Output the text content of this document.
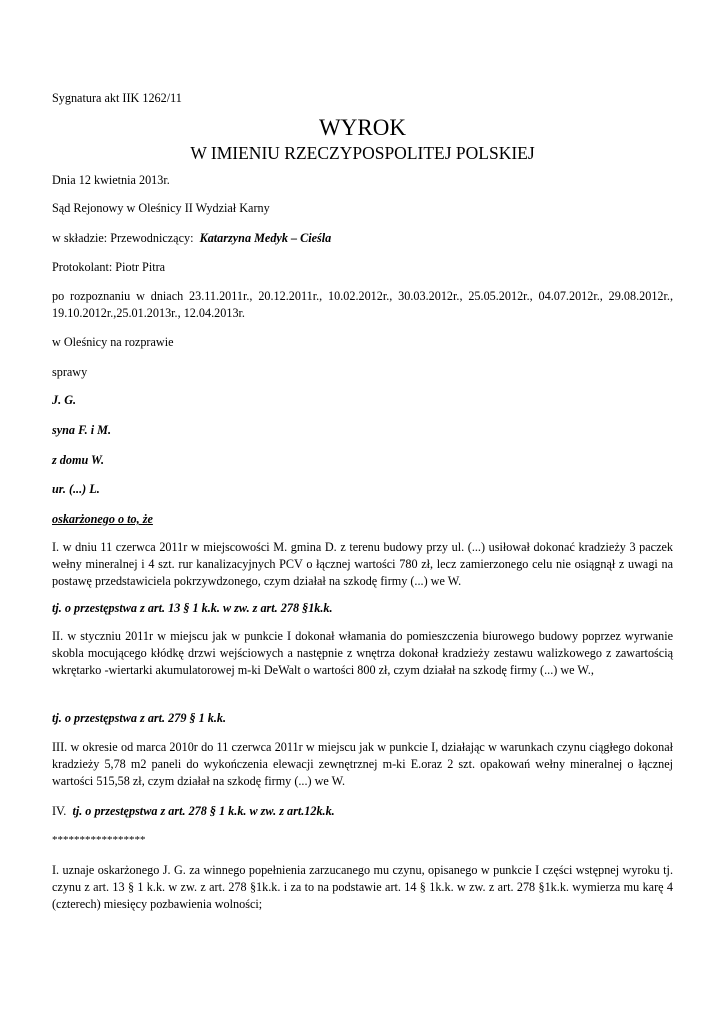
Sygnatura akt IIK 1262/11

WYROK

W IMIENIU RZECZYPOSPOLITEJ POLSKIEJ

Dnia 12 kwietnia 2013r.

Sąd Rejonowy w Oleśnicy II Wydział Karny

w składzie: Przewodniczący: Katarzyna Medyk – Cieśla

Protokolant: Piotr Pitra

po rozpoznaniu w dniach 23.11.2011r., 20.12.2011r., 10.02.2012r., 30.03.2012r., 25.05.2012r., 04.07.2012r., 29.08.2012r., 19.10.2012r.,25.01.2013r., 12.04.2013r.

w Oleśnicy na rozprawie

sprawy

J. G.

syna F. i M.

z domu W.

ur. (...) L.

oskarżonego o to, że

I. w dniu 11 czerwca 2011r w miejscowości M. gmina D. z terenu budowy przy ul. (...) usiłował dokonać kradzieży 3 paczek wełny mineralnej i 4 szt. rur kanalizacyjnych PCV o łącznej wartości 780 zł, lecz zamierzonego celu nie osiągnął z uwagi na postawę przedstawiciela pokrzywdzonego, czym działał na szkodę firmy (...) we W.

tj. o przestępstwa z art. 13 § 1 k.k. w zw. z art. 278 §1k.k.

II. w styczniu 2011r w miejscu jak w punkcie I dokonał włamania do pomieszczenia biurowego budowy poprzez wyrwanie skobla mocującego kłódkę drzwi wejściowych a następnie z wnętrza dokonał kradzieży zestawu walizkowego z zawartością wkrętarko -wiertarki akumulatorowej m-ki DeWalt o wartości 800 zł, czym działał na szkodę firmy (...) we W.,

tj. o przestępstwa z art. 279 § 1 k.k.

III. w okresie od marca 2010r do 11 czerwca 2011r w miejscu jak w punkcie I, działając w warunkach czynu ciągłego dokonał kradzieży 5,78 m2 paneli do wykończenia elewacji zewnętrznej m-ki E.oraz 2 szt. opakowań wełny mineralnej o łącznej wartości 515,58 zł, czym działał na szkodę firmy (...) we W.

IV. tj. o przestępstwa z art. 278 § 1 k.k. w zw. z art.12k.k.

*****************

I. uznaje oskarżonego J. G. za winnego popełnienia zarzucanego mu czynu, opisanego w punkcie I części wstępnej wyroku tj. czynu z art. 13 § 1 k.k. w zw. z art. 278 §1k.k. i za to na podstawie art. 14 § 1k.k. w zw. z art. 278 §1k.k. wymierza mu karę 4 (czterech) miesięcy pozbawienia wolności;
